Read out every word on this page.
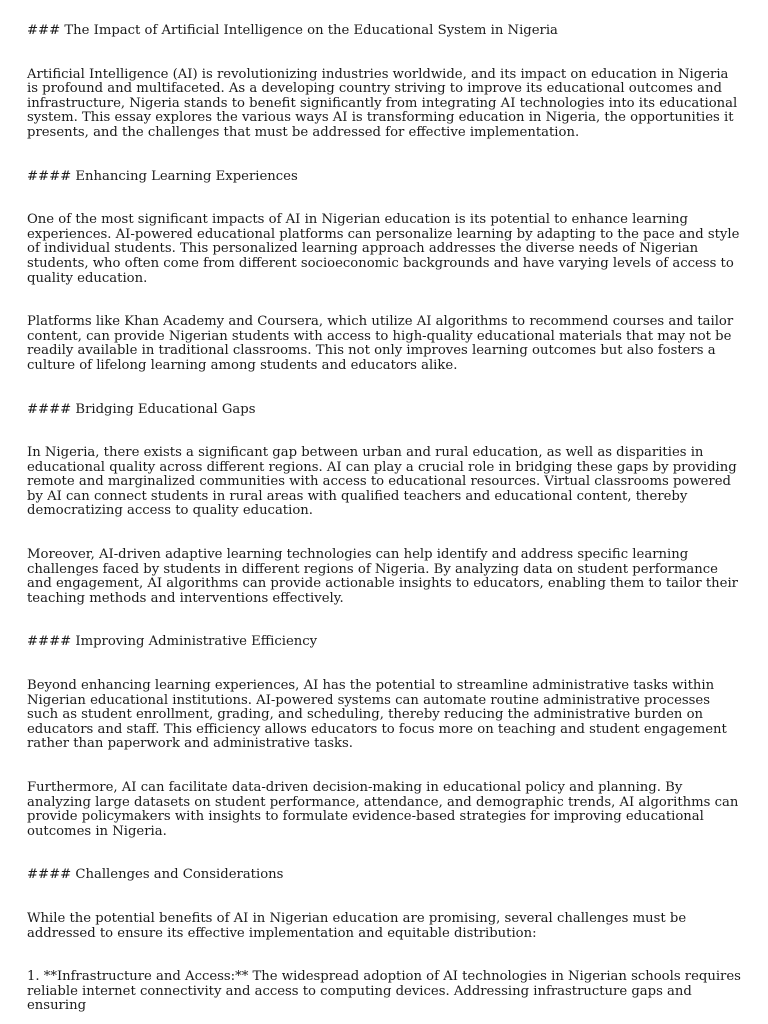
### The Impact of Artificial Intelligence on the Educational System in Nigeria

Artificial Intelligence (AI) is revolutionizing industries worldwide, and its impact on education in Nigeria is profound and multifaceted. As a developing country striving to improve its educational outcomes and infrastructure, Nigeria stands to benefit significantly from integrating AI technologies into its educational system. This essay explores the various ways AI is transforming education in Nigeria, the opportunities it presents, and the challenges that must be addressed for effective implementation.

#### Enhancing Learning Experiences

One of the most significant impacts of AI in Nigerian education is its potential to enhance learning experiences. AI-powered educational platforms can personalize learning by adapting to the pace and style of individual students. This personalized learning approach addresses the diverse needs of Nigerian students, who often come from different socioeconomic backgrounds and have varying levels of access to quality education.

Platforms like Khan Academy and Coursera, which utilize AI algorithms to recommend courses and tailor content, can provide Nigerian students with access to high-quality educational materials that may not be readily available in traditional classrooms. This not only improves learning outcomes but also fosters a culture of lifelong learning among students and educators alike.

#### Bridging Educational Gaps

In Nigeria, there exists a significant gap between urban and rural education, as well as disparities in educational quality across different regions. AI can play a crucial role in bridging these gaps by providing remote and marginalized communities with access to educational resources. Virtual classrooms powered by AI can connect students in rural areas with qualified teachers and educational content, thereby democratizing access to quality education.

Moreover, AI-driven adaptive learning technologies can help identify and address specific learning challenges faced by students in different regions of Nigeria. By analyzing data on student performance and engagement, AI algorithms can provide actionable insights to educators, enabling them to tailor their teaching methods and interventions effectively.

#### Improving Administrative Efficiency

Beyond enhancing learning experiences, AI has the potential to streamline administrative tasks within Nigerian educational institutions. AI-powered systems can automate routine administrative processes such as student enrollment, grading, and scheduling, thereby reducing the administrative burden on educators and staff. This efficiency allows educators to focus more on teaching and student engagement rather than paperwork and administrative tasks.

Furthermore, AI can facilitate data-driven decision-making in educational policy and planning. By analyzing large datasets on student performance, attendance, and demographic trends, AI algorithms can provide policymakers with insights to formulate evidence-based strategies for improving educational outcomes in Nigeria.

#### Challenges and Considerations

While the potential benefits of AI in Nigerian education are promising, several challenges must be addressed to ensure its effective implementation and equitable distribution:

1. **Infrastructure and Access:** The widespread adoption of AI technologies in Nigerian schools requires reliable internet connectivity and access to computing devices. Addressing infrastructure gaps and ensuring
